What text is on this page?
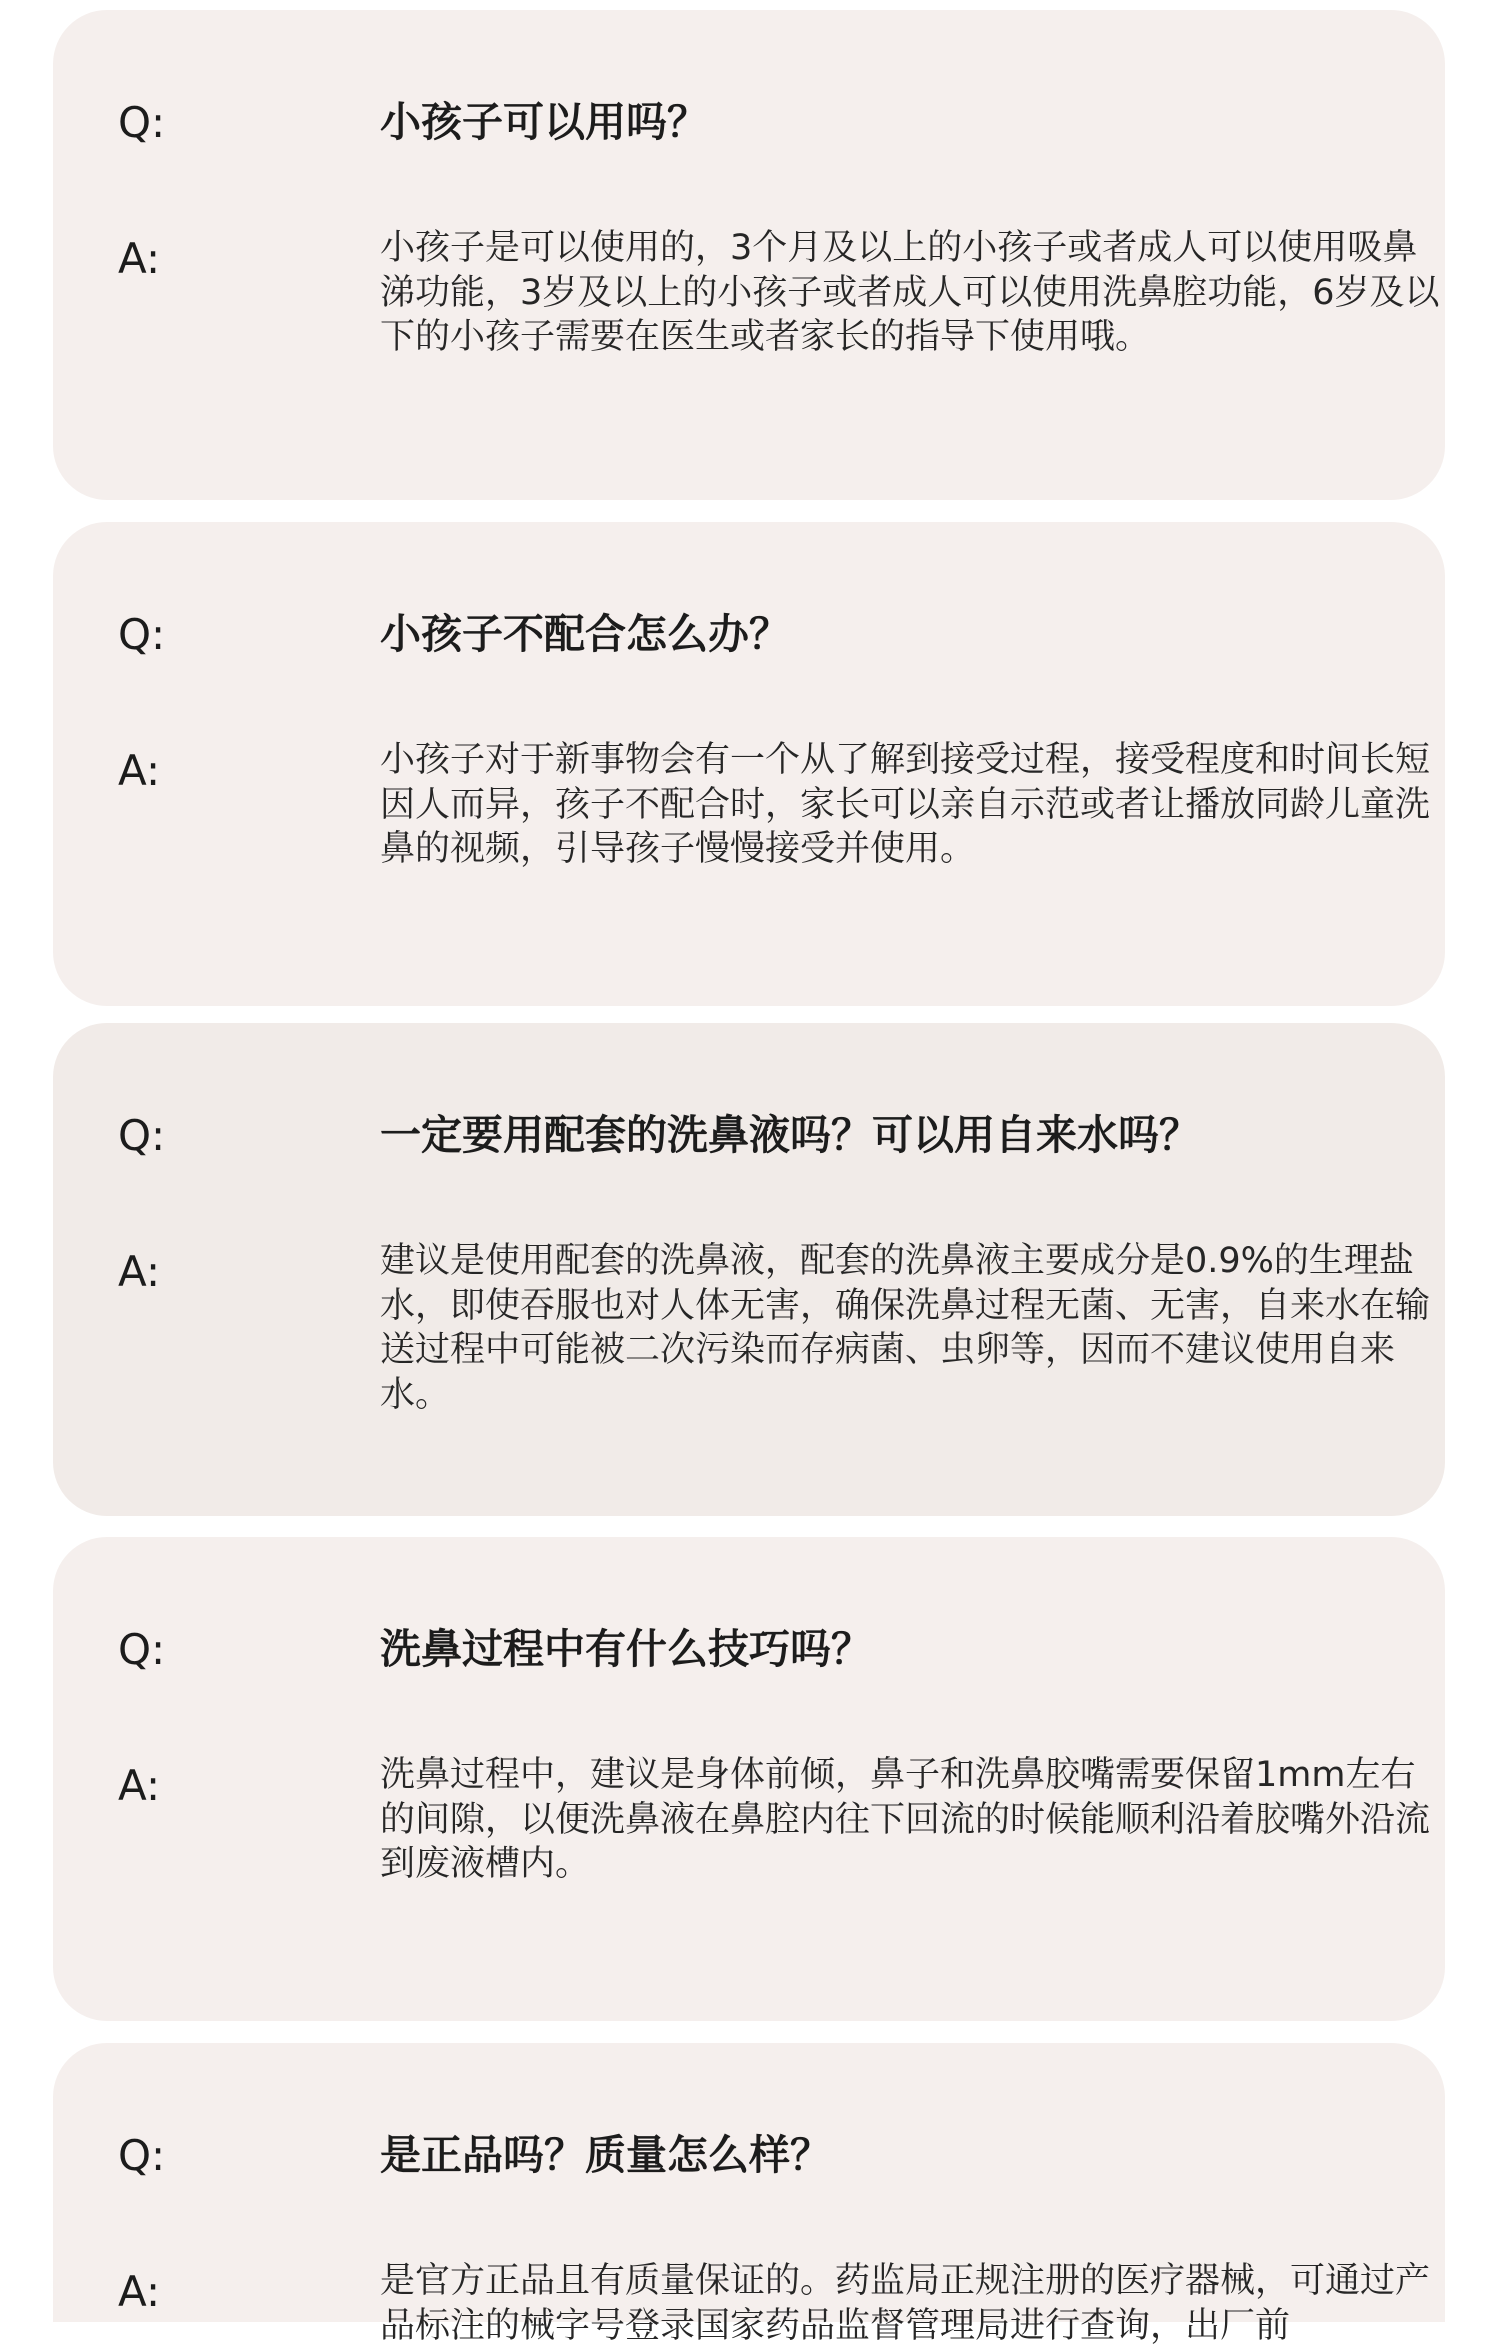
Q:	小孩子可以用吗？
A:	小孩子是可以使用的，3个月及以上的小孩子或者成人可以使用吸鼻涕功能，3岁及以上的小孩子或者成人可以使用洗鼻腔功能，6岁及以下的小孩子需要在医生或者家长的指导下使用哦。
Q:	小孩子不配合怎么办？
A:	小孩子对于新事物会有一个从了解到接受过程，接受程度和时间长短因人而异，孩子不配合时，家长可以亲自示范或者让播放同龄儿童洗鼻的视频，引导孩子慢慢接受并使用。
Q:	一定要用配套的洗鼻液吗？可以用自来水吗？
A:	建议是使用配套的洗鼻液，配套的洗鼻液主要成分是0.9%的生理盐水，即使吞服也对人体无害，确保洗鼻过程无菌、无害，自来水在输送过程中可能被二次污染而存病菌、虫卵等，因而不建议使用自来水。
Q:	洗鼻过程中有什么技巧吗？
A:	洗鼻过程中，建议是身体前倾，鼻子和洗鼻胶嘴需要保留1mm左右的间隙，以便洗鼻液在鼻腔内往下回流的时候能顺利沿着胶嘴外沿流到废液槽内。
Q:	是正品吗？质量怎么样？
A:	是官方正品且有质量保证的。药监局正规注册的医疗器械，可通过产品标注的械字号登录国家药品监督管理局进行查询，出厂前
